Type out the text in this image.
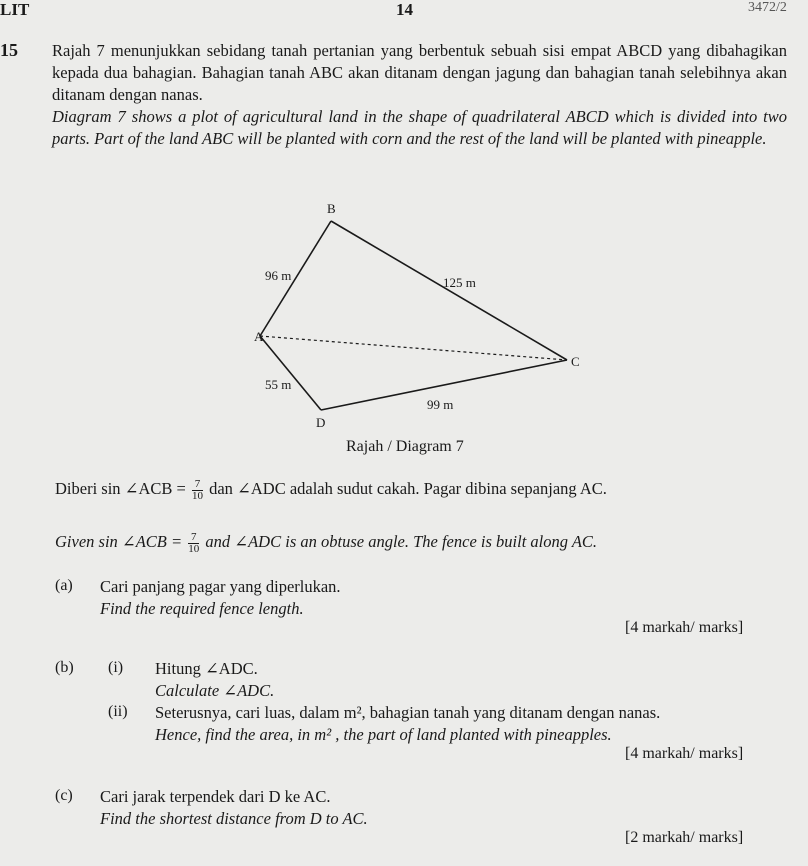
LIT	14	3472/2
15 Rajah 7 menunjukkan sebidang tanah pertanian yang berbentuk sebuah sisi empat ABCD yang dibahagikan kepada dua bahagian. Bahagian tanah ABC akan ditanam dengan jagung dan bahagian tanah selebihnya akan ditanam dengan nanas.

Diagram 7 shows a plot of agricultural land in the shape of quadrilateral ABCD which is divided into two parts. Part of the land ABC will be planted with corn and the rest of the land will be planted with pineapple.

B
A
C
D
96 m	125 m
55 m
99 m
Rajah / Diagram 7
Diberi sin ∠ACB = $\frac{7}{10}$ dan ∠ADC adalah sudut cakah. Pagar dibina sepanjang AC.
Given sin ∠ACB = $\frac{7}{10}$ and ∠ADC is an obtuse angle. The fence is built along AC.
(a) Cari panjang pagar yang diperlukan.

Find the required fence length.

[4 markah/ marks]
(b) (i) Hitung ∠ADC.

Calculate ∠ADC.

(ii) Seterusnya, cari luas, dalam m², bahagian tanah yang ditanam dengan nanas.

Hence, find the area, in m² , the part of land planted with pineapples.

[4 markah/ marks]
(c) Cari jarak terpendek dari D ke AC.

Find the shortest distance from D to AC.

[2 markah/ marks]
